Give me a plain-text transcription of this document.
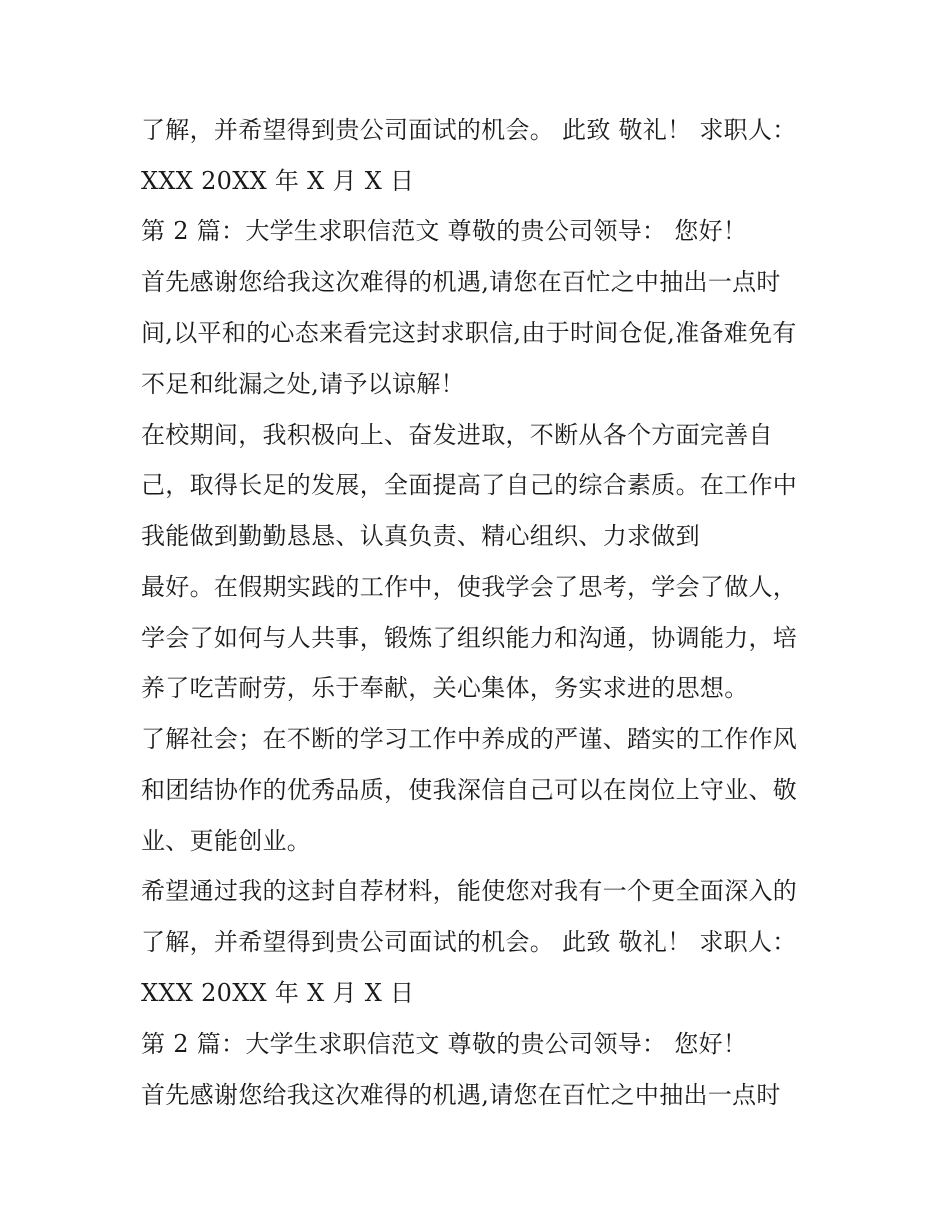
了解，并希望得到贵公司面试的机会。 此致 敬礼！ 求职人：
XXX 20XX 年 X 月 X 日
第 2 篇：大学生求职信范文 尊敬的贵公司领导： 您好！
首先感谢您给我这次难得的机遇,请您在百忙之中抽出一点时
间,以平和的心态来看完这封求职信,由于时间仓促,准备难免有
不足和纰漏之处,请予以谅解！
在校期间，我积极向上、奋发进取，不断从各个方面完善自
己，取得长足的发展，全面提高了自己的综合素质。在工作中
我能做到勤勤恳恳、认真负责、精心组织、力求做到
最好。在假期实践的工作中，使我学会了思考，学会了做人，
学会了如何与人共事，锻炼了组织能力和沟通，协调能力，培
养了吃苦耐劳，乐于奉献，关心集体，务实求进的思想。
了解社会；在不断的学习工作中养成的严谨、踏实的工作作风
和团结协作的优秀品质，使我深信自己可以在岗位上守业、敬
业、更能创业。
希望通过我的这封自荐材料，能使您对我有一个更全面深入的
了解，并希望得到贵公司面试的机会。 此致 敬礼！ 求职人：
XXX 20XX 年 X 月 X 日
第 2 篇：大学生求职信范文 尊敬的贵公司领导： 您好！
首先感谢您给我这次难得的机遇,请您在百忙之中抽出一点时
